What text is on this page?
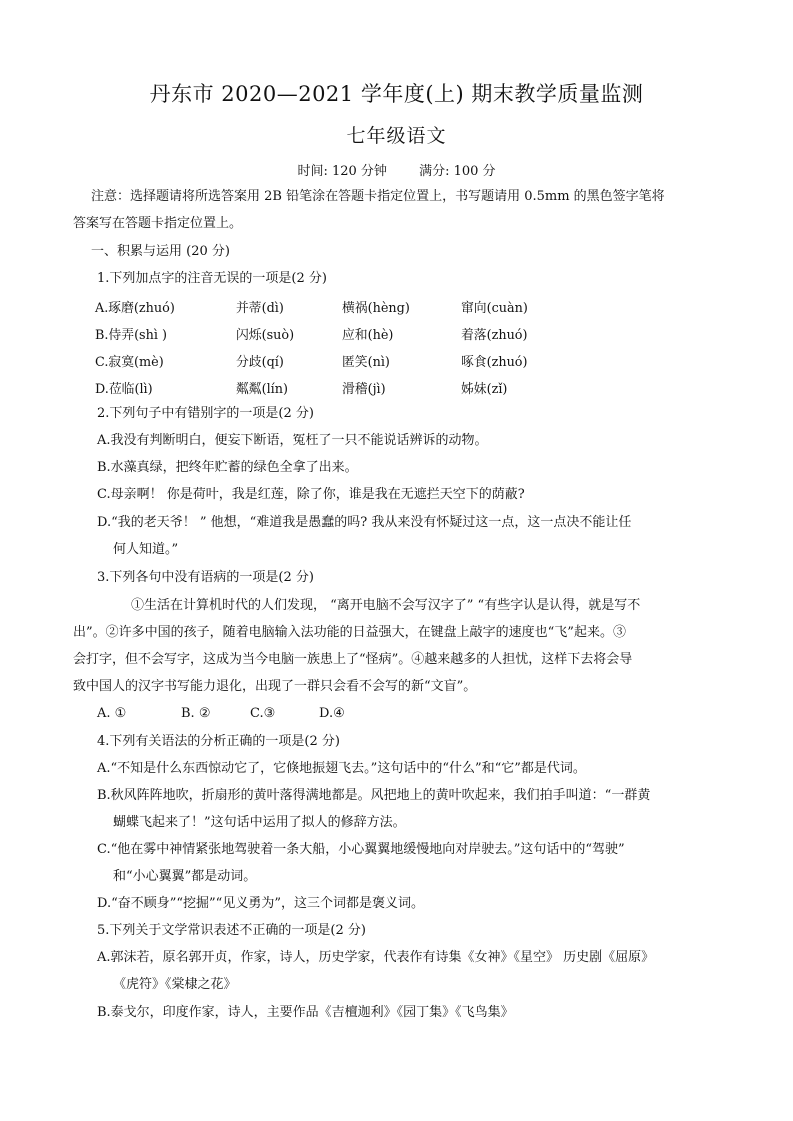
丹东市 2020—2021 学年度(上) 期末教学质量监测
七年级语文
时间: 120 分钟 满分: 100 分
注意：选择题请将所选答案用 2B 铅笔涂在答题卡指定位置上，书写题请用 0.5mm 的黑色签字笔将
答案写在答题卡指定位置上。
一、积累与运用 (20 分)
1.下列加点字的注音无误的一项是(2 分)
A.琢磨(zhuó)	并蒂(dì)	横祸(hèng)	窜向(cuàn)
B.侍弄(shì )	闪烁(suò)	应和(hè)	着落(zhuó)
C.寂寞(mè)	分歧(qí)	匿笑(nì)	啄食(zhuó)
D.莅临(lì)	粼粼(lín)	滑稽(jì)	姊妹(zǐ)
2.下列句子中有错别字的一项是(2 分)
A.我没有判断明白，便妄下断语，冤枉了一只不能说话辨诉的动物。
B.水藻真绿，把终年贮蓄的绿色全拿了出来。
C.母亲啊！ 你是荷叶，我是红莲，除了你，谁是我在无遮拦天空下的荫蔽?
D.“我的老天爷！ ” 他想，“难道我是愚蠢的吗? 我从来没有怀疑过这一点，这一点决不能让任
何人知道。”
3.下列各句中没有语病的一项是(2 分)
①生活在计算机时代的人们发现， “离开电脑不会写汉字了” “有些字认是认得，就是写不
出”。②许多中国的孩子，随着电脑输入法功能的日益强大，在键盘上敲字的速度也“飞”起来。③
会打字，但不会写字，这成为当今电脑一族患上了“怪病”。④越来越多的人担忧，这样下去将会导
致中国人的汉字书写能力退化，出现了一群只会看不会写的新“文盲”。
A. ①	B. ②	C.③	D.④
4.下列有关语法的分析正确的一项是(2 分)
A.“不知是什么东西惊动它了，它倏地振翅飞去。”这句话中的“什么”和“它”都是代词。
B.秋风阵阵地吹，折扇形的黄叶落得满地都是。风把地上的黄叶吹起来，我们拍手叫道：“一群黄
蝴蝶飞起来了！”这句话中运用了拟人的修辞方法。
C.“他在雾中神情紧张地驾驶着一条大船，小心翼翼地缓慢地向对岸驶去。”这句话中的“驾驶”
和“小心翼翼”都是动词。
D.“奋不顾身”“挖掘”“见义勇为”，这三个词都是褒义词。
5.下列关于文学常识表述不正确的一项是(2 分)
A.郭沫若，原名郭开贞，作家，诗人，历史学家，代表作有诗集《女神》《星空》 历史剧《屈原》
《虎符》《棠棣之花》
B.泰戈尔，印度作家，诗人，主要作品《吉檀迦利》《园丁集》《飞鸟集》
